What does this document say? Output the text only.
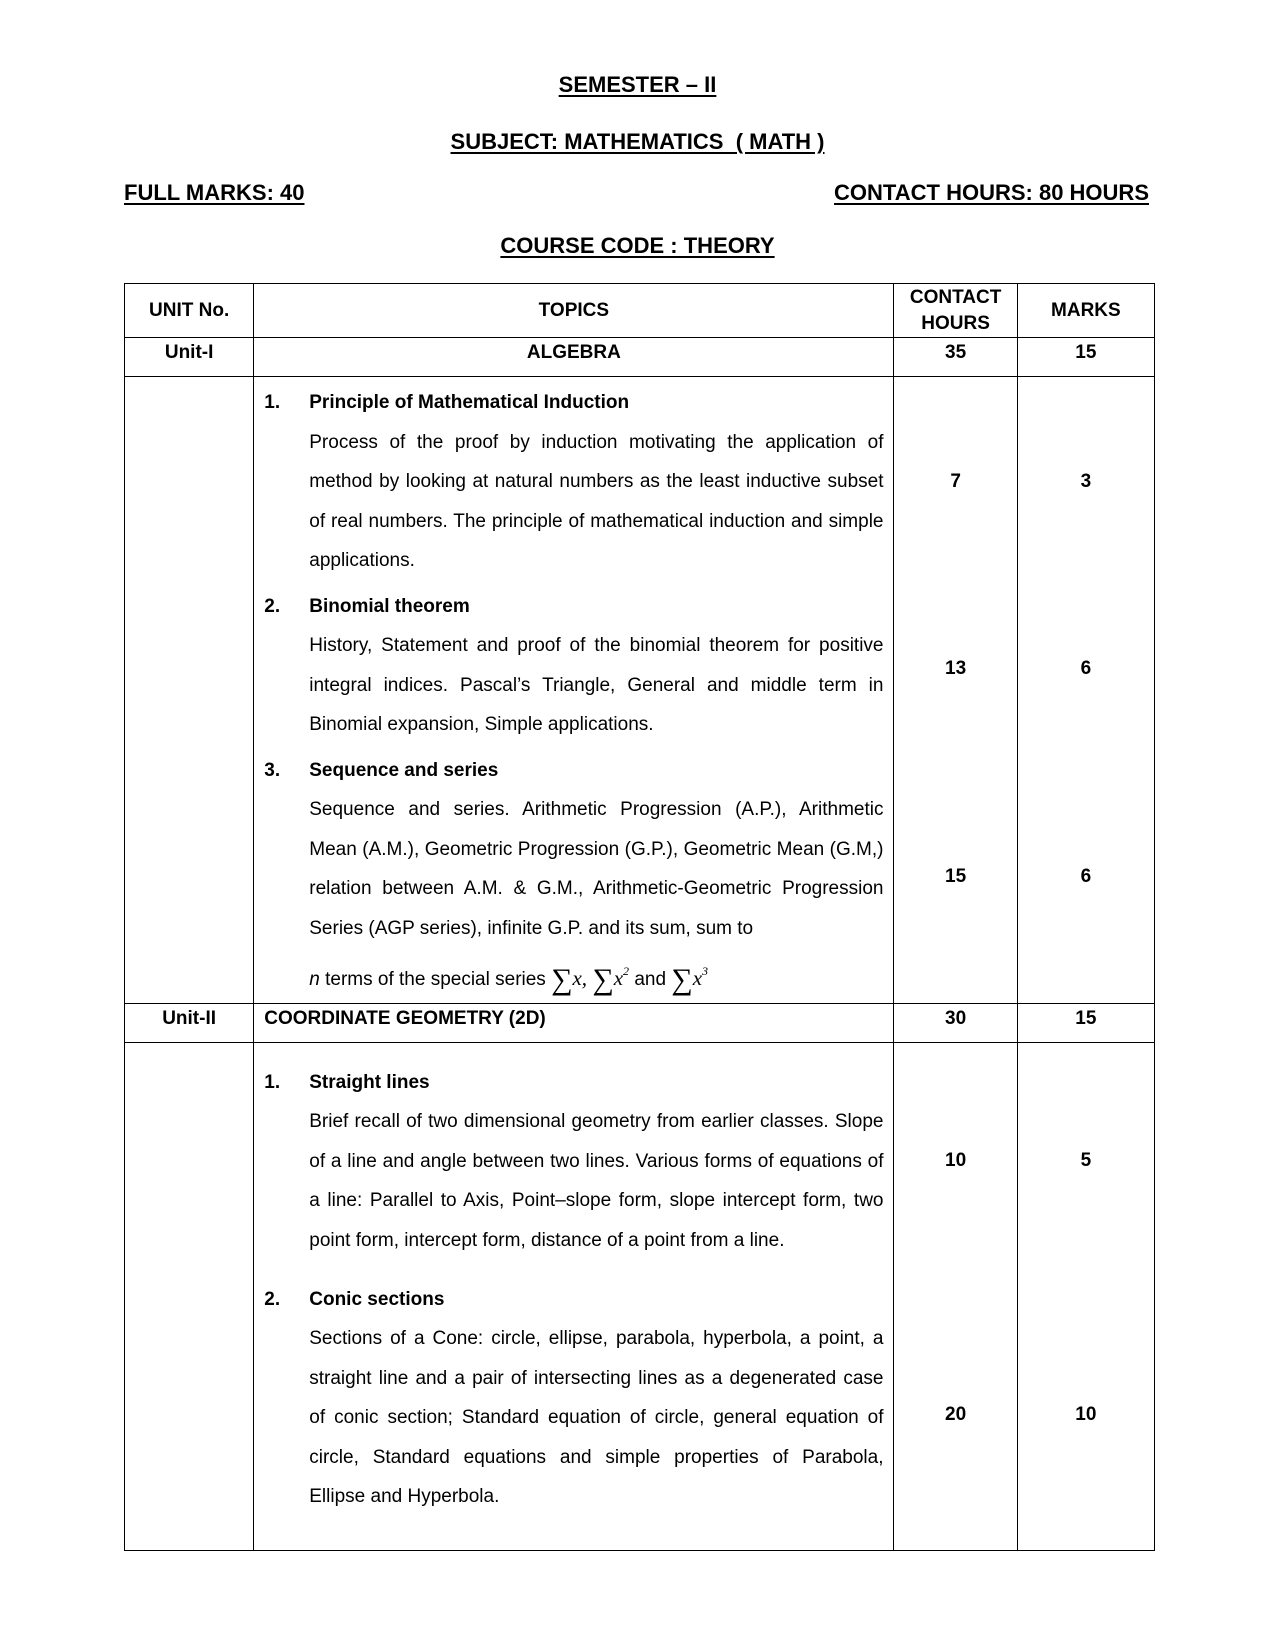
SEMESTER – II
SUBJECT: MATHEMATICS  ( MATH )
FULL MARKS: 40	CONTACT HOURS: 80 HOURS
COURSE CODE : THEORY
UNIT No.	TOPICS	CONTACT HOURS	MARKS
Unit-I	ALGEBRA	35	15

	1. Principle of Mathematical Induction
Process of the proof by induction motivating the application of method by looking at natural numbers as the least inductive subset of real numbers. The principle of mathematical induction and simple applications.	7	3

	2. Binomial theorem
History, Statement and proof of the binomial theorem for positive integral indices. Pascal’s Triangle, General and middle term in Binomial expansion, Simple applications.	13	6

	3. Sequence and series
Sequence and series. Arithmetic Progression (A.P.), Arithmetic Mean (A.M.), Geometric Progression (G.P.), Geometric Mean (G.M,) relation between A.M. & G.M., Arithmetic-Geometric Progression Series (AGP series), infinite G.P. and its sum, sum to
n terms of the special series ∑x, $\sum x^2$ and $\sum x^3$	15	6
Unit-II	COORDINATE GEOMETRY (2D)	30	15

	1. Straight lines
Brief recall of two dimensional geometry from earlier classes. Slope of a line and angle between two lines. Various forms of equations of a line: Parallel to Axis, Point–slope form, slope intercept form, two point form, intercept form, distance of a point from a line.	10	5

	2. Conic sections
Sections of a Cone: circle, ellipse, parabola, hyperbola, a point, a straight line and a pair of intersecting lines as a degenerated case of conic section; Standard equation of circle, general equation of circle, Standard equations and simple properties of Parabola, Ellipse and Hyperbola.	20	10
